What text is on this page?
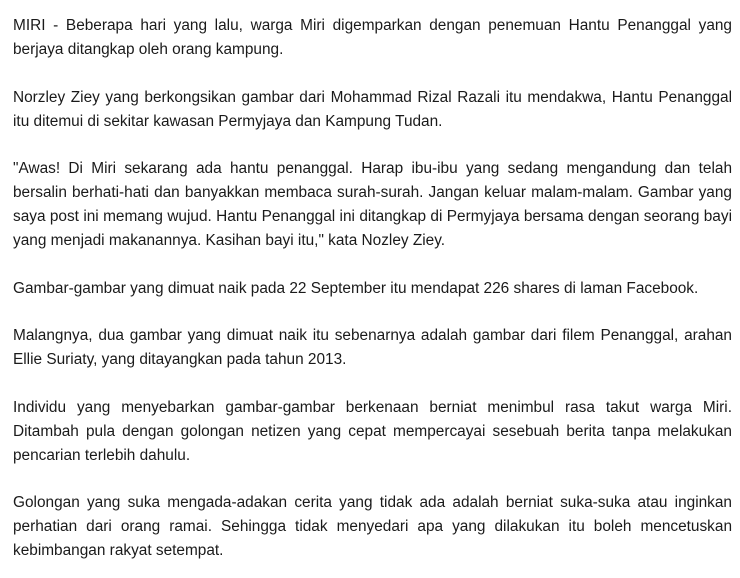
MIRI - Beberapa hari yang lalu, warga Miri digemparkan dengan penemuan Hantu Penanggal yang berjaya ditangkap oleh orang kampung.

Norzley Ziey yang berkongsikan gambar dari Mohammad Rizal Razali itu mendakwa, Hantu Penanggal itu ditemui di sekitar kawasan Permyjaya dan Kampung Tudan.

"Awas! Di Miri sekarang ada hantu penanggal. Harap ibu-ibu yang sedang mengandung dan telah bersalin berhati-hati dan banyakkan membaca surah-surah. Jangan keluar malam-malam. Gambar yang saya post ini memang wujud. Hantu Penanggal ini ditangkap di Permyjaya bersama dengan seorang bayi yang menjadi makanannya. Kasihan bayi itu," kata Nozley Ziey.

Gambar-gambar yang dimuat naik pada 22 September itu mendapat 226 shares di laman Facebook.

Malangnya, dua gambar yang dimuat naik itu sebenarnya adalah gambar dari filem Penanggal, arahan Ellie Suriaty, yang ditayangkan pada tahun 2013.

Individu yang menyebarkan gambar-gambar berkenaan berniat menimbul rasa takut warga Miri. Ditambah pula dengan golongan netizen yang cepat mempercayai sesebuah berita tanpa melakukan pencarian terlebih dahulu.

Golongan yang suka mengada-adakan cerita yang tidak ada adalah berniat suka-suka atau inginkan perhatian dari orang ramai. Sehingga tidak menyedari apa yang dilakukan itu boleh mencetuskan kebimbangan rakyat setempat.
